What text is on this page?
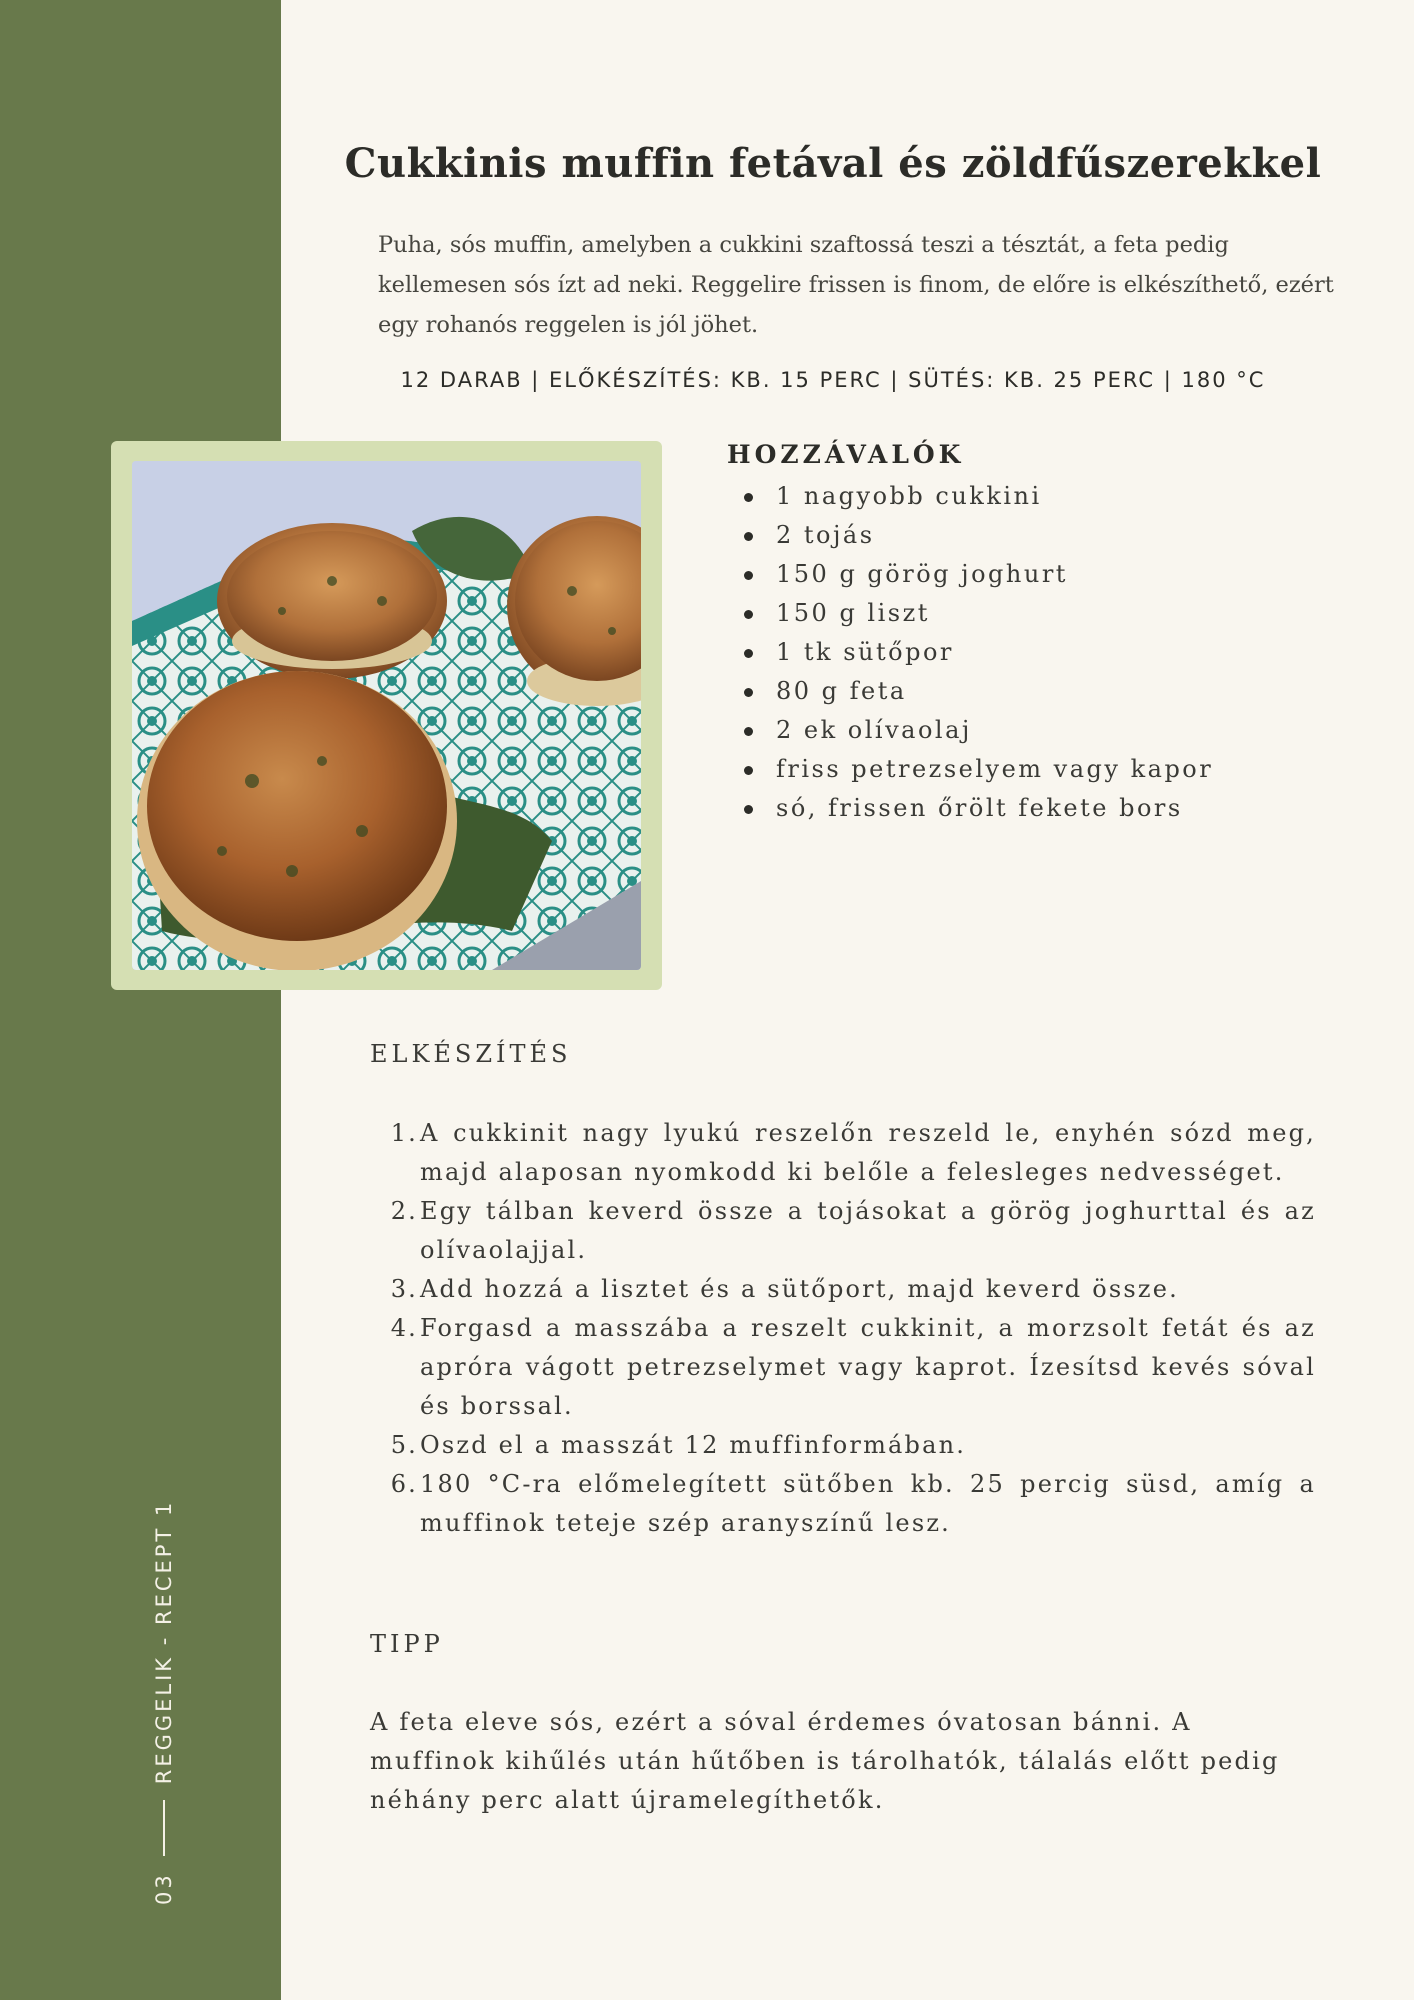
03
REGGELIK - RECEPT 1
Cukkinis muffin fetával és zöldfűszerekkel
Puha, sós muffin, amelyben a cukkini szaftossá teszi a tésztát, a feta pedig kellemesen sós ízt ad neki. Reggelire frissen is finom, de előre is elkészíthető, ezért egy rohanós reggelen is jól jöhet.
12 DARAB | ELŐKÉSZÍTÉS: KB. 15 PERC | SÜTÉS: KB. 25 PERC | 180 °C
HOZZÁVALÓK
1 nagyobb cukkini
2 tojás
150 g görög joghurt
150 g liszt
1 tk sütőpor
80 g feta
2 ek olívaolaj
friss petrezselyem vagy kapor
só, frissen őrölt fekete bors
ELKÉSZÍTÉS
1. A cukkinit nagy lyukú reszelőn reszeld le, enyhén sózd meg, majd alaposan nyomkodd ki belőle a felesleges nedvességet.
2. Egy tálban keverd össze a tojásokat a görög joghurttal és az olívaolajjal.
3. Add hozzá a lisztet és a sütőport, majd keverd össze.
4. Forgasd a masszába a reszelt cukkinit, a morzsolt fetát és az apróra vágott petrezselymet vagy kaprot. Ízesítsd kevés sóval és borssal.
5. Oszd el a masszát 12 muffinformában.
6. 180 °C-ra előmelegített sütőben kb. 25 percig süsd, amíg a muffinok teteje szép aranyszínű lesz.
TIPP
A feta eleve sós, ezért a sóval érdemes óvatosan bánni. A muffinok kihűlés után hűtőben is tárolhatók, tálalás előtt pedig néhány perc alatt újramelegíthetők.
